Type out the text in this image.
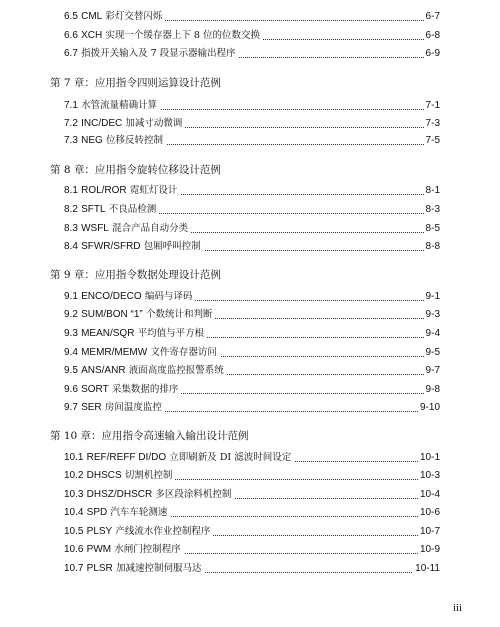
6.5 CML 彩灯交替闪烁	6-7
6.6 XCH 实现一个缓存器上下 8 位的位数交换	6-8
6.7 指拨开关输入及 7 段显示器输出程序	6-9
第 7 章：应用指令四则运算设计范例
7.1 水管流量精确计算	7-1
7.2 INC/DEC 加减寸动微调	7-3
7.3 NEG 位移反转控制	7-5
第 8 章：应用指令旋转位移设计范例
8.1 ROL/ROR 霓虹灯设计	8-1
8.2 SFTL 不良品检测	8-3
8.3 WSFL 混合产品自动分类	8-5
8.4 SFWR/SFRD 包厢呼叫控制	8-8
第 9 章：应用指令数据处理设计范例
9.1 ENCO/DECO 编码与译码	9-1
9.2 SUM/BON “1” 个数统计和判断	9-3
9.3 MEAN/SQR 平均值与平方根	9-4
9.4 MEMR/MEMW 文件寄存器访问	9-5
9.5 ANS/ANR 液面高度监控报警系统	9-7
9.6 SORT 采集数据的排序	9-8
9.7 SER 房间温度监控	9-10
第 10 章：应用指令高速输入输出设计范例
10.1 REF/REFF DI/DO 立即刷新及 DI 滤波时间设定	10-1
10.2 DHSCS 切割机控制	10-3
10.3 DHSZ/DHSCR 多区段涂料机控制	10-4
10.4 SPD 汽车车轮测速	10-6
10.5 PLSY 产线流水作业控制程序	10-7
10.6 PWM 水闸门控制程序	10-9
10.7 PLSR 加减速控制伺服马达	10-11
iii
